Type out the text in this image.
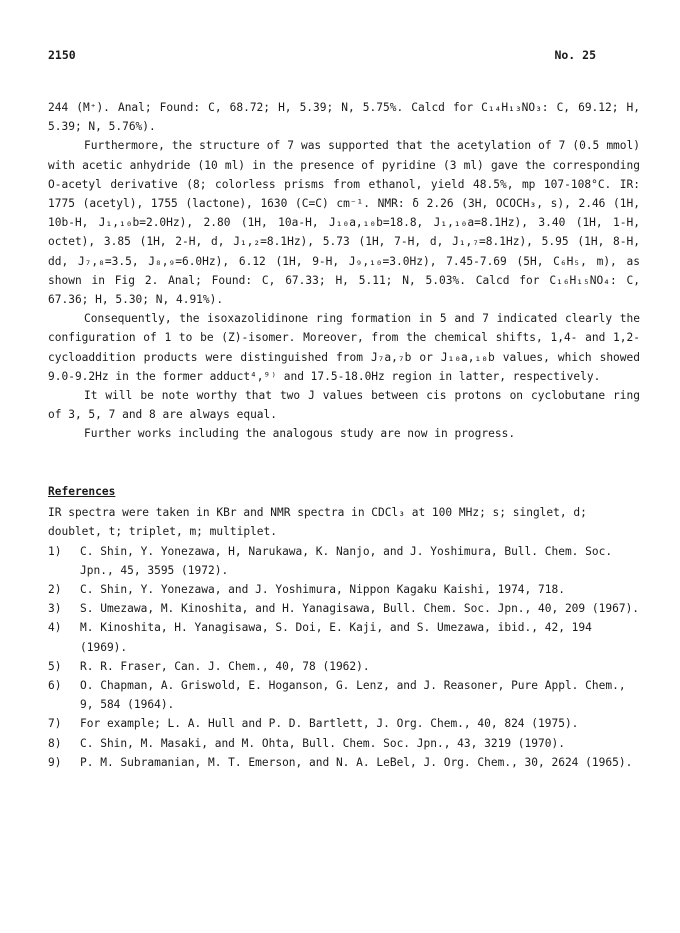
2150	No. 25

244 (M⁺). Anal; Found: C, 68.72; H, 5.39; N, 5.75%. Calcd for C₁₄H₁₃NO₃: C, 69.12; H, 5.39; N, 5.76%).

Furthermore, the structure of 7 was supported that the acetylation of 7 (0.5 mmol) with acetic anhydride (10 ml) in the presence of pyridine (3 ml) gave the corresponding O-acetyl derivative (8; colorless prisms from ethanol, yield 48.5%, mp 107-108°C. IR: 1775 (acetyl), 1755 (lactone), 1630 (C=C) cm⁻¹. NMR: δ 2.26 (3H, OCOCH₃, s), 2.46 (1H, 10b-H, J₁,₁₀b=2.0Hz), 2.80 (1H, 10a-H, J₁₀a,₁₀b=18.8, J₁,₁₀a=8.1Hz), 3.40 (1H, 1-H, octet), 3.85 (1H, 2-H, d, J₁,₂=8.1Hz), 5.73 (1H, 7-H, d, J₁,₇=8.1Hz), 5.95 (1H, 8-H, dd, J₇,₈=3.5, J₈,₉=6.0Hz), 6.12 (1H, 9-H, J₉,₁₀=3.0Hz), 7.45-7.69 (5H, C₆H₅, m), as shown in Fig 2. Anal; Found: C, 67.33; H, 5.11; N, 5.03%. Calcd for C₁₆H₁₅NO₄: C, 67.36; H, 5.30; N, 4.91%).

Consequently, the isoxazolidinone ring formation in 5 and 7 indicated clearly the configuration of 1 to be (Z)-isomer. Moreover, from the chemical shifts, 1,4- and 1,2-cycloaddition products were distinguished from J₇a,₇b or J₁₀a,₁₀b values, which showed 9.0-9.2Hz in the former adduct⁴,⁹⁾ and 17.5-18.0Hz region in latter, respectively.

It will be note worthy that two J values between cis protons on cyclobutane ring of 3, 5, 7 and 8 are always equal.

Further works including the analogous study are now in progress.

References

IR spectra were taken in KBr and NMR spectra in CDCl₃ at 100 MHz; s; singlet, d; doublet, t; triplet, m; multiplet.

1)	C. Shin, Y. Yonezawa, H, Narukawa, K. Nanjo, and J. Yoshimura, Bull. Chem. Soc. Jpn., 45, 3595 (1972).
2)	C. Shin, Y. Yonezawa, and J. Yoshimura, Nippon Kagaku Kaishi, 1974, 718.
3)	S. Umezawa, M. Kinoshita, and H. Yanagisawa, Bull. Chem. Soc. Jpn., 40, 209 (1967).
4)	M. Kinoshita, H. Yanagisawa, S. Doi, E. Kaji, and S. Umezawa, ibid., 42, 194 (1969).
5)	R. R. Fraser, Can. J. Chem., 40, 78 (1962).
6)	O. Chapman, A. Griswold, E. Hoganson, G. Lenz, and J. Reasoner, Pure Appl. Chem., 9, 584 (1964).
7)	For example; L. A. Hull and P. D. Bartlett, J. Org. Chem., 40, 824 (1975).
8)	C. Shin, M. Masaki, and M. Ohta, Bull. Chem. Soc. Jpn., 43, 3219 (1970).
9)	P. M. Subramanian, M. T. Emerson, and N. A. LeBel, J. Org. Chem., 30, 2624 (1965).
